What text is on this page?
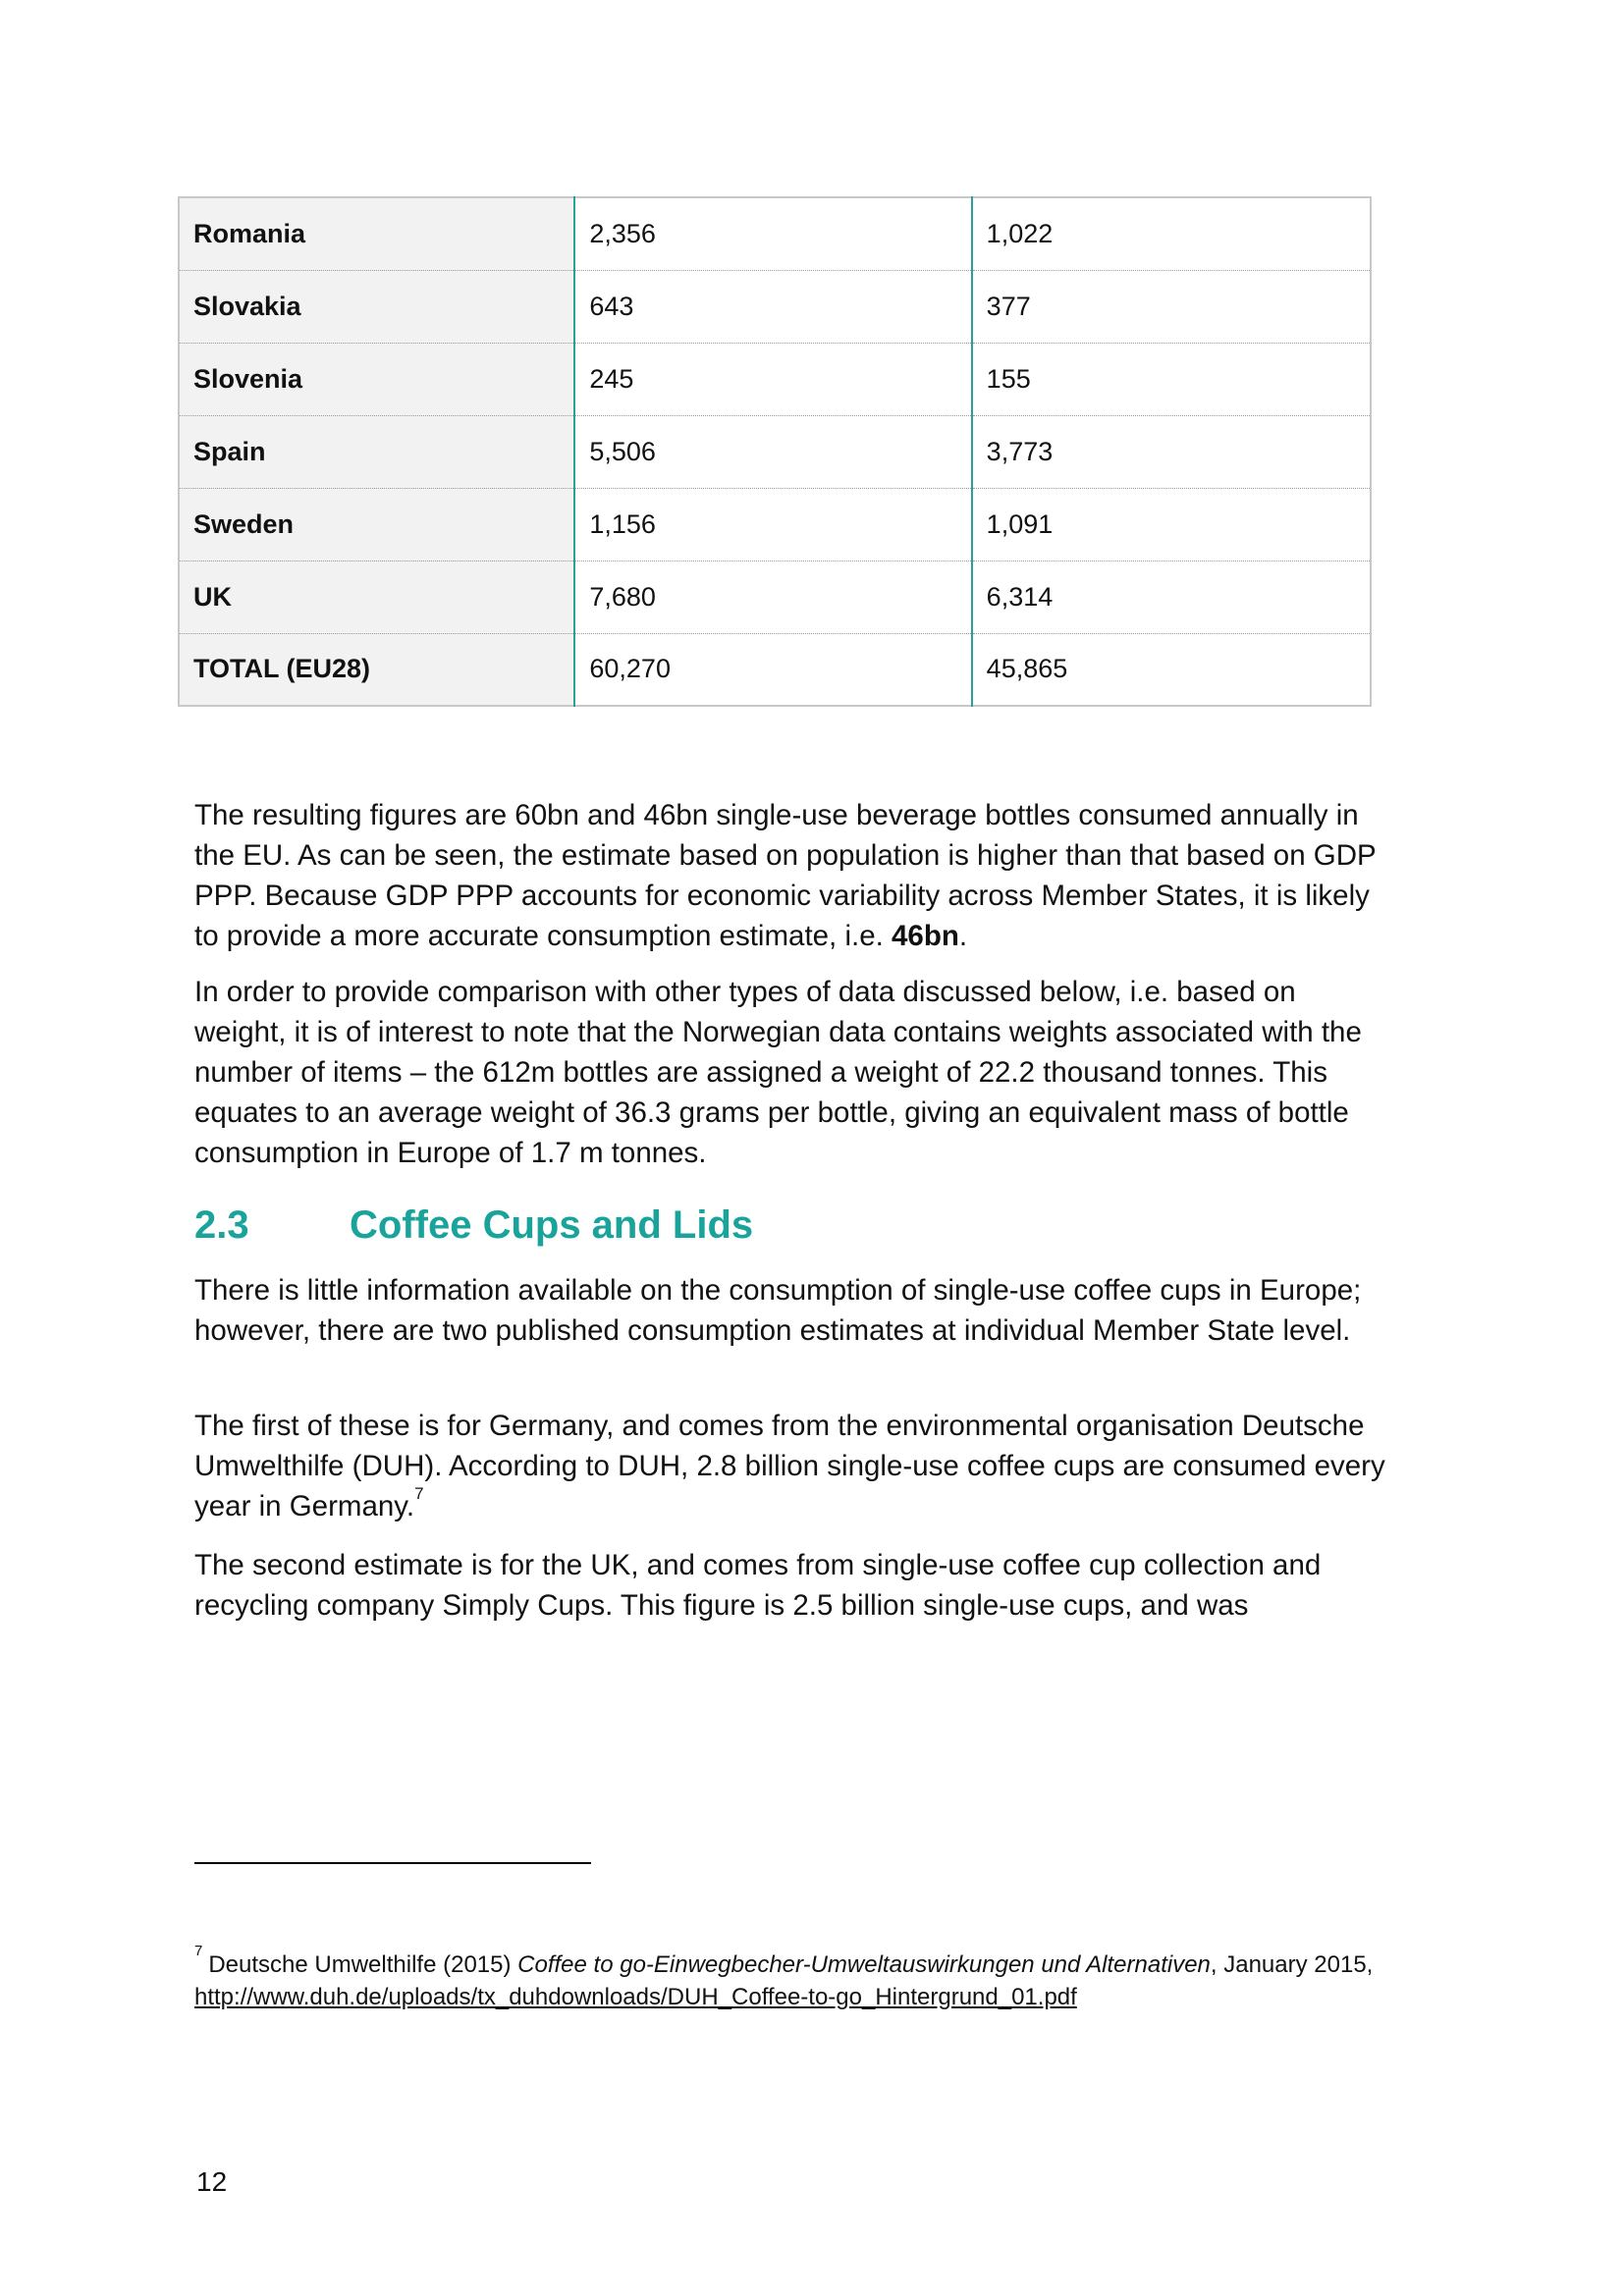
Romania	2,356	1,022
Slovakia	643	377
Slovenia	245	155
Spain	5,506	3,773
Sweden	1,156	1,091
UK	7,680	6,314
TOTAL (EU28)	60,270	45,865

The resulting figures are 60bn and 46bn single-use beverage bottles consumed annually in the EU. As can be seen, the estimate based on population is higher than that based on GDP PPP. Because GDP PPP accounts for economic variability across Member States, it is likely to provide a more accurate consumption estimate, i.e. 46bn.

In order to provide comparison with other types of data discussed below, i.e. based on weight, it is of interest to note that the Norwegian data contains weights associated with the number of items – the 612m bottles are assigned a weight of 22.2 thousand tonnes. This equates to an average weight of 36.3 grams per bottle, giving an equivalent mass of bottle consumption in Europe of 1.7 m tonnes.

2.3	Coffee Cups and Lids

There is little information available on the consumption of single-use coffee cups in Europe; however, there are two published consumption estimates at individual Member State level.

The first of these is for Germany, and comes from the environmental organisation Deutsche Umwelthilfe (DUH). According to DUH, 2.8 billion single-use coffee cups are consumed every year in Germany.$^7$

The second estimate is for the UK, and comes from single-use coffee cup collection and recycling company Simply Cups. This figure is 2.5 billion single-use cups, and was

$^7$Deutsche Umwelthilfe (2015) Coffee to go-Einwegbecher-Umweltauswirkungen und Alternativen, January 2015, http://www.duh.de/uploads/tx_duhdownloads/DUH_Coffee-to-go_Hintergrund_01.pdf

12
